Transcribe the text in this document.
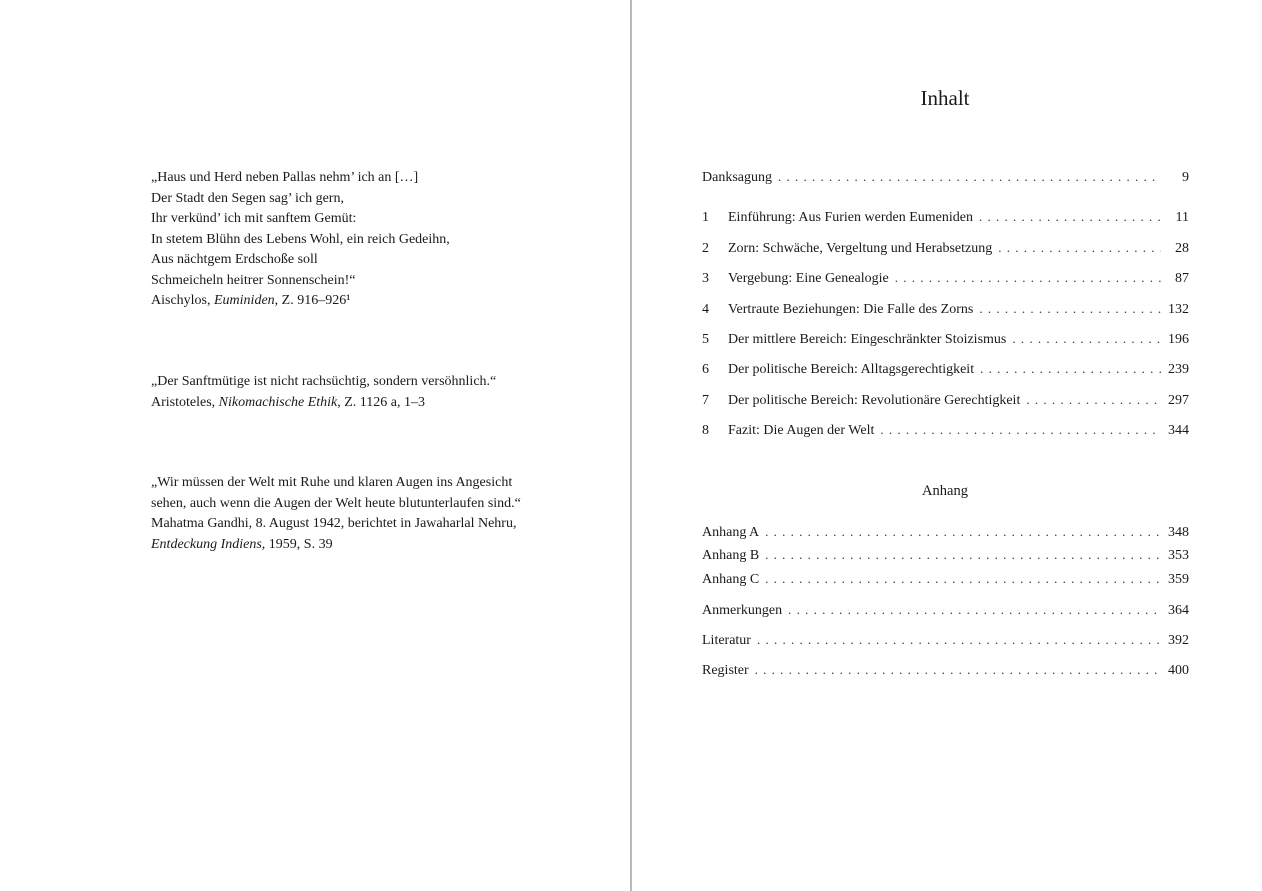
„Haus und Herd neben Pallas nehm’ ich an […]
Der Stadt den Segen sag’ ich gern,
Ihr verkünd’ ich mit sanftem Gemüt:
In stetem Blühn des Lebens Wohl, ein reich Gedeihn,
Aus nächtgem Erdschoße soll
Schmeicheln heitrer Sonnenschein!“
Aischylos, Euminiden, Z. 916–926¹
„Der Sanftmütige ist nicht rachsüchtig, sondern versöhnlich.“
Aristoteles, Nikomachische Ethik, Z. 1126 a, 1–3
„Wir müssen der Welt mit Ruhe und klaren Augen ins Angesicht
sehen, auch wenn die Augen der Welt heute blutunterlaufen sind.“
Mahatma Gandhi, 8. August 1942, berichtet in Jawaharlal Nehru,
Entdeckung Indiens, 1959, S. 39
Inhalt
Danksagung . . .	9
1	Einführung: Aus Furien werden Eumeniden . . .	11
2	Zorn: Schwäche, Vergeltung und Herabsetzung . . .	28
3	Vergebung: Eine Genealogie . . .	87
4	Vertraute Beziehungen: Die Falle des Zorns . . .	132
5	Der mittlere Bereich: Eingeschränkter Stoizismus . . .	196
6	Der politische Bereich: Alltagsgerechtigkeit . . .	239
7	Der politische Bereich: Revolutionäre Gerechtigkeit . . .	297
8	Fazit: Die Augen der Welt . . .	344
Anhang
Anhang A . . .	348
Anhang B . . .	353
Anhang C . . .	359
Anmerkungen . . .	364
Literatur . . .	392
Register . . .	400
